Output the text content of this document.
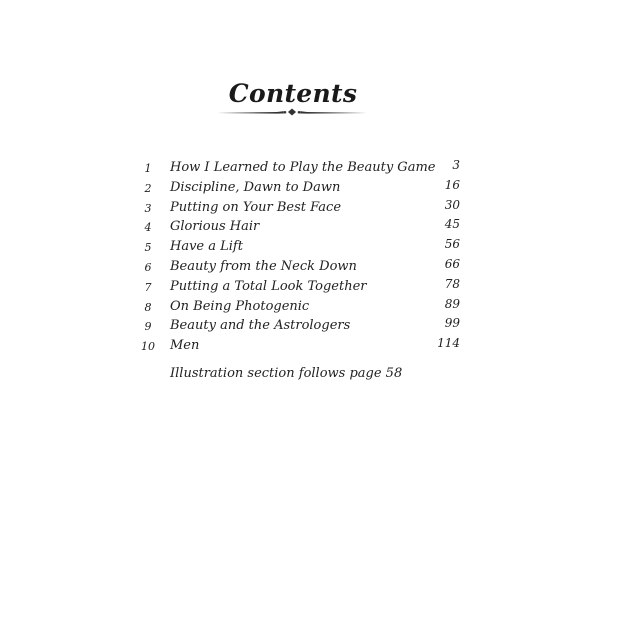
Contents
1	How I Learned to Play the Beauty Game	3
2	Discipline, Dawn to Dawn	16
3	Putting on Your Best Face	30
4	Glorious Hair	45
5	Have a Lift	56
6	Beauty from the Neck Down	66
7	Putting a Total Look Together	78
8	On Being Photogenic	89
9	Beauty and the Astrologers	99
10	Men	114
Illustration section follows page 58
